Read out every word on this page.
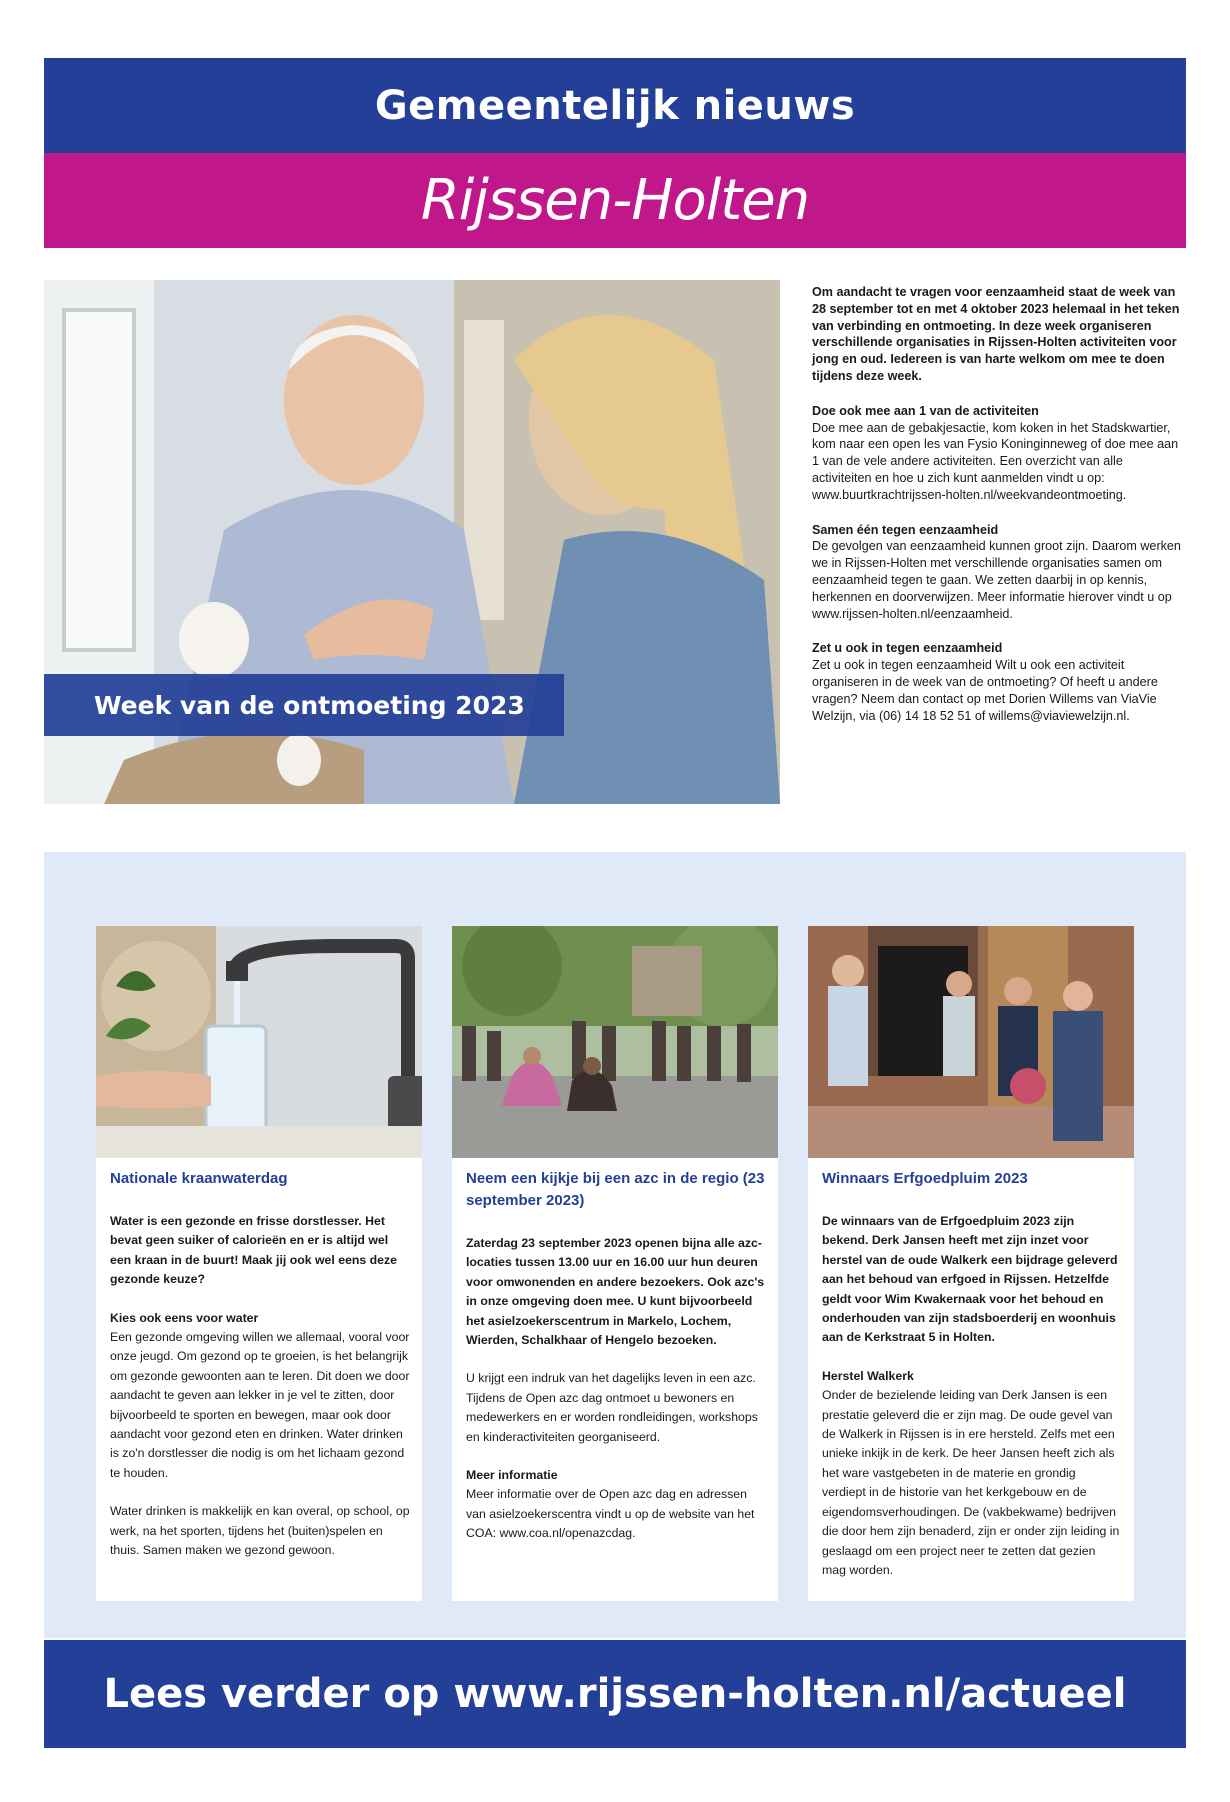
Gemeentelijk nieuws
Rijssen-Holten
Week van de ontmoeting 2023

Om aandacht te vragen voor eenzaamheid staat de week van 28 september tot en met 4 oktober 2023 helemaal in het teken van verbinding en ontmoeting. In deze week organiseren verschillende organisaties in Rijssen-Holten activiteiten voor jong en oud. Iedereen is van harte welkom om mee te doen tijdens deze week.

Doe ook mee aan 1 van de activiteiten

Doe mee aan de gebakjesactie, kom koken in het Stadskwartier, kom naar een open les van Fysio Koninginneweg of doe mee aan 1 van de vele andere activiteiten. Een overzicht van alle activiteiten en hoe u zich kunt aanmelden vindt u op: www.buurtkrachtrijssen-holten.nl/weekvandeontmoeting.

Samen één tegen eenzaamheid

De gevolgen van eenzaamheid kunnen groot zijn. Daarom werken we in Rijssen-Holten met verschillende organisaties samen om eenzaamheid tegen te gaan. We zetten daarbij in op kennis, herkennen en doorverwijzen. Meer informatie hierover vindt u op www.rijssen-holten.nl/eenzaamheid.

Zet u ook in tegen eenzaamheid

Zet u ook in tegen eenzaamheid Wilt u ook een activiteit organiseren in de week van de ontmoeting? Of heeft u andere vragen? Neem dan contact op met Dorien Willems van ViaVie Welzijn, via (06) 14 18 52 51 of willems@viaviewelzijn.nl.

Nationale kraanwaterdag

Water is een gezonde en frisse dorstlesser. Het bevat geen suiker of calorieën en er is altijd wel een kraan in de buurt! Maak jij ook wel eens deze gezonde keuze?

Kies ook eens voor water

Een gezonde omgeving willen we allemaal, vooral voor onze jeugd. Om gezond op te groeien, is het belangrijk om gezonde gewoonten aan te leren. Dit doen we door aandacht te geven aan lekker in je vel te zitten, door bijvoorbeeld te sporten en bewegen, maar ook door aandacht voor gezond eten en drinken. Water drinken is zo'n dorstlesser die nodig is om het lichaam gezond te houden.

Water drinken is makkelijk en kan overal, op school, op werk, na het sporten, tijdens het (buiten)spelen en thuis. Samen maken we gezond gewoon.

Neem een kijkje bij een azc in de regio (23 september 2023)

Zaterdag 23 september 2023 openen bijna alle azc-locaties tussen 13.00 uur en 16.00 uur hun deuren voor omwonenden en andere bezoekers. Ook azc's in onze omgeving doen mee. U kunt bijvoorbeeld het asielzoekerscentrum in Markelo, Lochem, Wierden, Schalkhaar of Hengelo bezoeken.

U krijgt een indruk van het dagelijks leven in een azc. Tijdens de Open azc dag ontmoet u bewoners en medewerkers en er worden rondleidingen, workshops en kinderactiviteiten georganiseerd.

Meer informatie

Meer informatie over de Open azc dag en adressen van asielzoekerscentra vindt u op de website van het COA: www.coa.nl/openazcdag.

Winnaars Erfgoedpluim 2023

De winnaars van de Erfgoedpluim 2023 zijn bekend. Derk Jansen heeft met zijn inzet voor herstel van de oude Walkerk een bijdrage geleverd aan het behoud van erfgoed in Rijssen. Hetzelfde geldt voor Wim Kwakernaak voor het behoud en onderhouden van zijn stadsboerderij en woonhuis aan de Kerkstraat 5 in Holten.

Herstel Walkerk

Onder de bezielende leiding van Derk Jansen is een prestatie geleverd die er zijn mag. De oude gevel van de Walkerk in Rijssen is in ere hersteld. Zelfs met een unieke inkijk in de kerk. De heer Jansen heeft zich als het ware vastgebeten in de materie en grondig verdiept in de historie van het kerkgebouw en de eigendomsverhoudingen. De (vakbekwame) bedrijven die door hem zijn benaderd, zijn er onder zijn leiding in geslaagd om een project neer te zetten dat gezien mag worden.

Lees verder op www.rijssen-holten.nl/actueel
